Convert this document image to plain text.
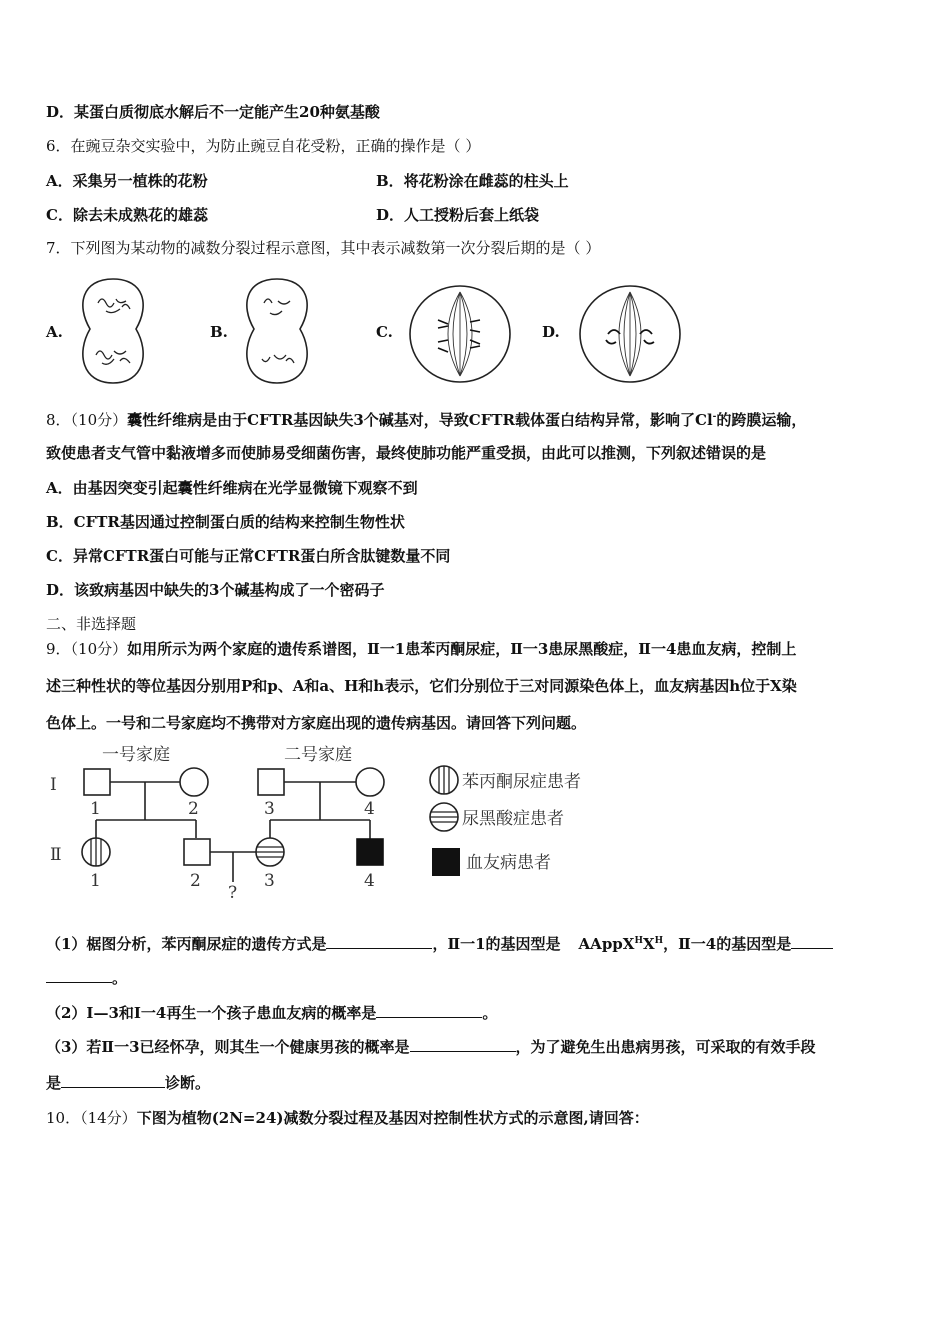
D．某蛋白质彻底水解后不一定能产生20种氨基酸
6．在豌豆杂交实验中，为防止豌豆自花受粉，正确的操作是（ ）
A．采集另一植株的花粉	B．将花粉涂在雌蕊的柱头上
C．除去未成熟花的雄蕊	D．人工授粉后套上纸袋
7．下列图为某动物的减数分裂过程示意图，其中表示减数第一次分裂后期的是（ ）
A.	B.	C.	D.
8．（10分）囊性纤维病是由于CFTR基因缺失3个碱基对，导致CFTR载体蛋白结构异常，影响了Cl-的跨膜运输，
致使患者支气管中黏液增多而使肺易受细菌伤害，最终使肺功能严重受损，由此可以推测，下列叙述错误的是
A．由基因突变引起囊性纤维病在光学显微镜下观察不到
B．CFTR基因通过控制蛋白质的结构来控制生物性状
C．异常CFTR蛋白可能与正常CFTR蛋白所含肽键数量不同
D．该致病基因中缺失的3个碱基构成了一个密码子
二、非选择题
9．（10分）如用所示为两个家庭的遗传系谱图，Ⅱ一1患苯丙酮尿症，Ⅱ一3患尿黑酸症，Ⅱ一4患血友病，控制上
述三种性状的等位基因分别用P和p、A和a、H和h表示，它们分别位于三对同源染色体上，血友病基因h位于X染
色体上。一号和二号家庭均不携带对方家庭出现的遗传病基因。请回答下列问题。
一号家庭	二号家庭
Ⅰ
Ⅱ
1	2
1	2
3	4
3	4
?
苯丙酮尿症患者
尿黑酸症患者
血友病患者
（1）椐图分析，苯丙酮尿症的遗传方式是	，Ⅱ一1的基因型是 $AAppX^HX^H$，Ⅱ一4的基因型是
。
（2）Ⅰ—3和Ⅰ一4再生一个孩子患血友病的概率是	。
（3）若Ⅱ一3已经怀孕，则其生一个健康男孩的概率是	，为了避免生出患病男孩，可采取的有效手段
是	诊断。
10．（14分）下图为植物(2N=24)减数分裂过程及基因对控制性状方式的示意图,请回答：
